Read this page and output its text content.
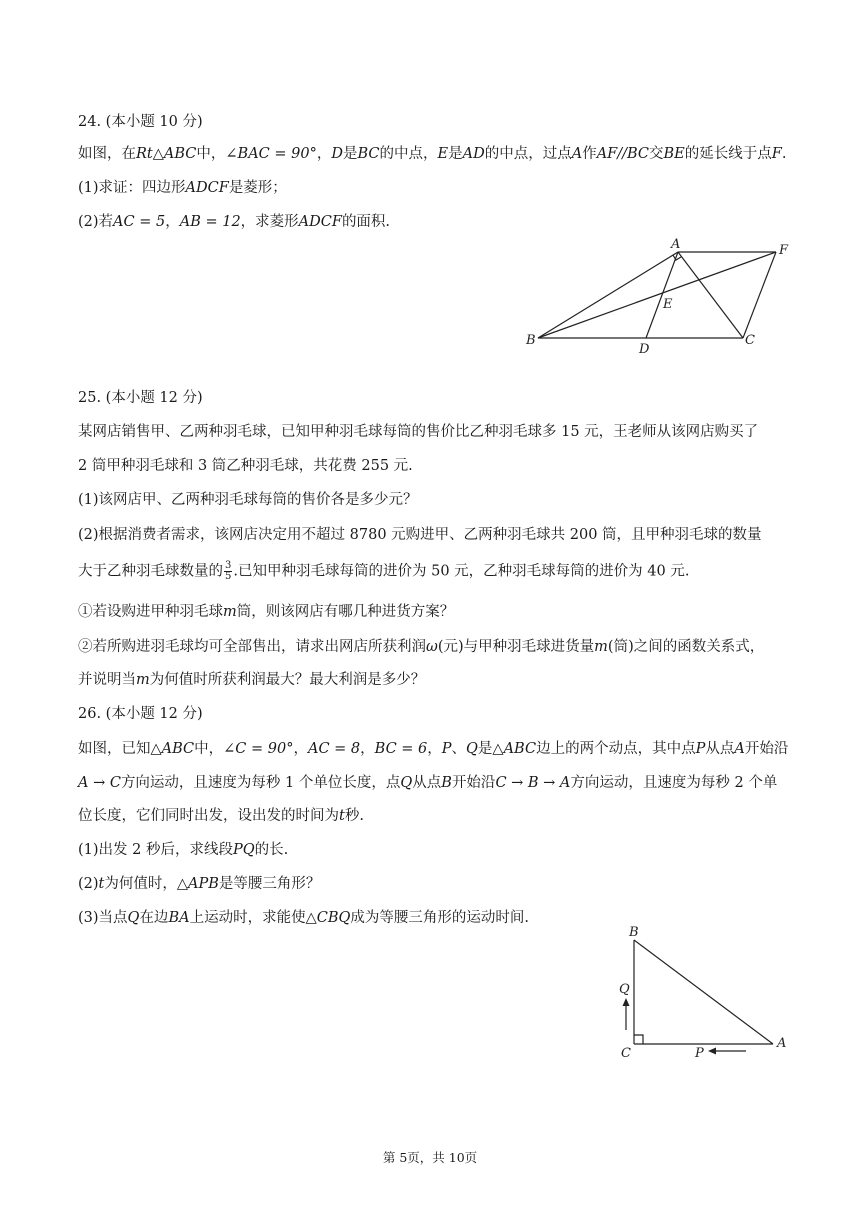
24. (本小题 10 分)
如图，在Rt△ABC中，∠BAC = 90°，D是BC的中点，E是AD的中点，过点A作AF//BC交BE的延长线于点F.
(1)求证：四边形ADCF是菱形；
(2)若AC = 5，AB = 12，求菱形ADCF的面积.
A	F
E
B
D
C
25. (本小题 12 分)
某网店销售甲、乙两种羽毛球，已知甲种羽毛球每筒的售价比乙种羽毛球多 15 元，王老师从该网店购买了
2 筒甲种羽毛球和 3 筒乙种羽毛球，共花费 255 元.
(1)该网店甲、乙两种羽毛球每筒的售价各是多少元？
(2)根据消费者需求，该网店决定用不超过 8780 元购进甲、乙两种羽毛球共 200 筒，且甲种羽毛球的数量
大于乙种羽毛球数量的 $\frac{3}{5}$ .已知甲种羽毛球每筒的进价为 50 元，乙种羽毛球每筒的进价为 40 元.
①若设购进甲种羽毛球m筒，则该网店有哪几种进货方案？
②若所购进羽毛球均可全部售出，请求出网店所获利润ω(元)与甲种羽毛球进货量m(筒)之间的函数关系式，
并说明当m为何值时所获利润最大？最大利润是多少？
26. (本小题 12 分)
如图，已知△ABC中，∠C = 90°，AC = 8，BC = 6，P、Q是△ABC边上的两个动点，其中点P从点A开始沿
A → C方向运动，且速度为每秒 1 个单位长度，点Q从点B开始沿C → B → A方向运动，且速度为每秒 2 个单
位长度，它们同时出发，设出发的时间为t秒.
(1)出发 2 秒后，求线段PQ的长.
(2)t为何值时，△APB是等腰三角形？
(3)当点Q在边BA上运动时，求能使△CBQ成为等腰三角形的运动时间.
B
Q
C	P
A
第 5页，共 10页
